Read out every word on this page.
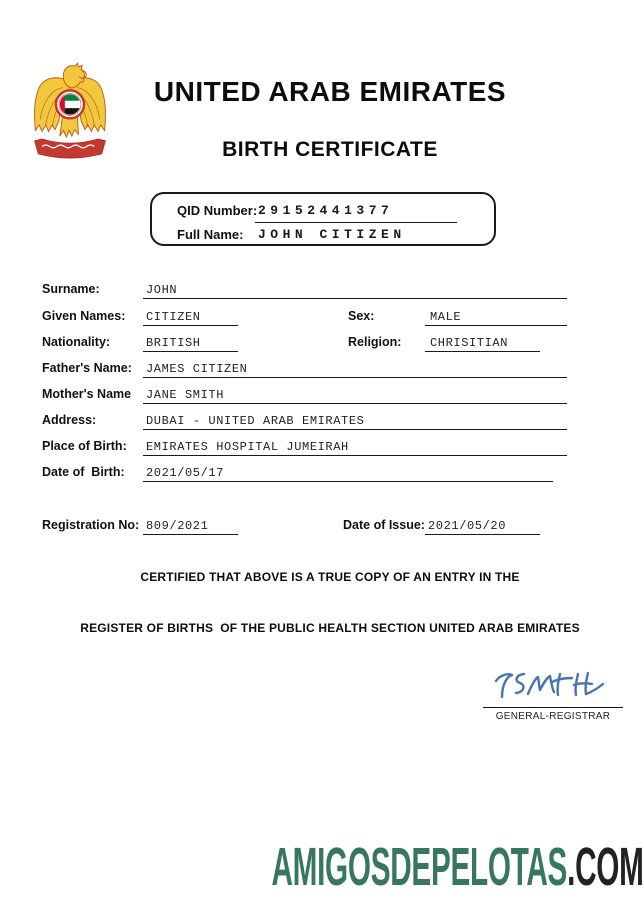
UNITED ARAB EMIRATES
BIRTH CERTIFICATE
QID Number: 29152441377
Full Name: JOHN CITIZEN
Surname:	JOHN
Given Names: CITIZEN	Sex:	MALE
Nationality:	BRITISH	Religion: CHRISITIAN
Father's Name: JAMES CITIZEN
Mother's Name JANE SMITH
Address:	DUBAI - UNITED ARAB EMIRATES
Place of Birth: EMIRATES HOSPITAL JUMEIRAH
Date of  Birth: 2021/05/17
Registration No: 809/2021	Date of Issue: 2021/05/20
CERTIFIED THAT ABOVE IS A TRUE COPY OF AN ENTRY IN THE
REGISTER OF BIRTHS  OF THE PUBLIC HEALTH SECTION UNITED ARAB EMIRATES
GENERAL-REGISTRAR
AMIGOSDEPELOTAS.COM
